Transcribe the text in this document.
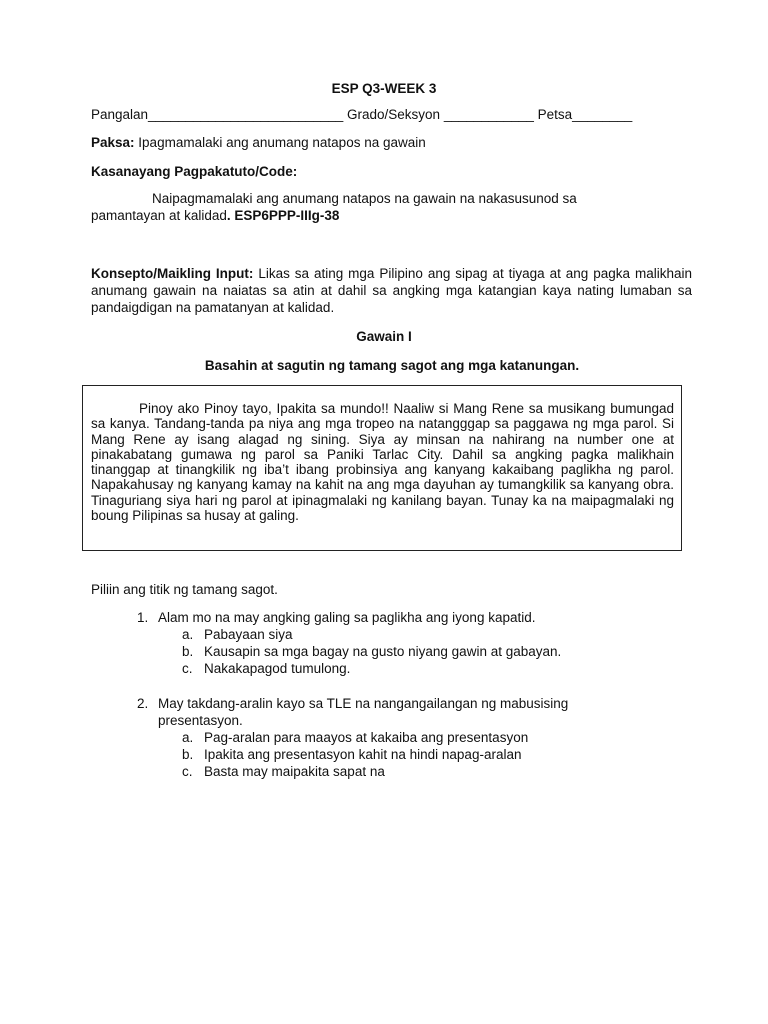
ESP Q3-WEEK 3
Pangalan__________________________ Grado/Seksyon ____________ Petsa________
Paksa: Ipagmamalaki ang anumang natapos na gawain
Kasanayang Pagpakatuto/Code:
Naipagmamalaki ang anumang natapos na gawain na nakasusunod sa pamantayan at kalidad. ESP6PPP-IIIg-38
Konsepto/Maikling Input: Likas sa ating mga Pilipino ang sipag at tiyaga at ang pagka malikhain anumang gawain na naiatas sa atin at dahil sa angking mga katangian kaya nating lumaban sa pandaigdigan na pamatanyan at kalidad.
Gawain I
Basahin at sagutin ng tamang sagot ang mga katanungan.
Pinoy ako Pinoy tayo, Ipakita sa mundo!! Naaliw si Mang Rene sa musikang bumungad sa kanya. Tandang-tanda pa niya ang mga tropeo na natangggap sa paggawa ng mga parol. Si Mang Rene ay isang alagad ng sining. Siya ay minsan na nahirang na number one at pinakabatang gumawa ng parol sa Paniki Tarlac City. Dahil sa angking pagka malikhain tinanggap at tinangkilik ng iba’t ibang probinsiya ang kanyang kakaibang paglikha ng parol. Napakahusay ng kanyang kamay na kahit na ang mga dayuhan ay tumangkilik sa kanyang obra. Tinaguriang siya hari ng parol at ipinagmalaki ng kanilang bayan. Tunay ka na maipagmalaki ng boung Pilipinas sa husay at galing.
Piliin ang titik ng tamang sagot.
1. Alam mo na may angking galing sa paglikha ang iyong kapatid.
a. Pabayaan siya
b. Kausapin sa mga bagay na gusto niyang gawin at gabayan.
c. Nakakapagod tumulong.
2. May takdang-aralin kayo sa TLE na nangangailangan ng mabusising presentasyon.
a. Pag-aralan para maayos at kakaiba ang presentasyon
b. Ipakita ang presentasyon kahit na hindi napag-aralan
c. Basta may maipakita sapat na
